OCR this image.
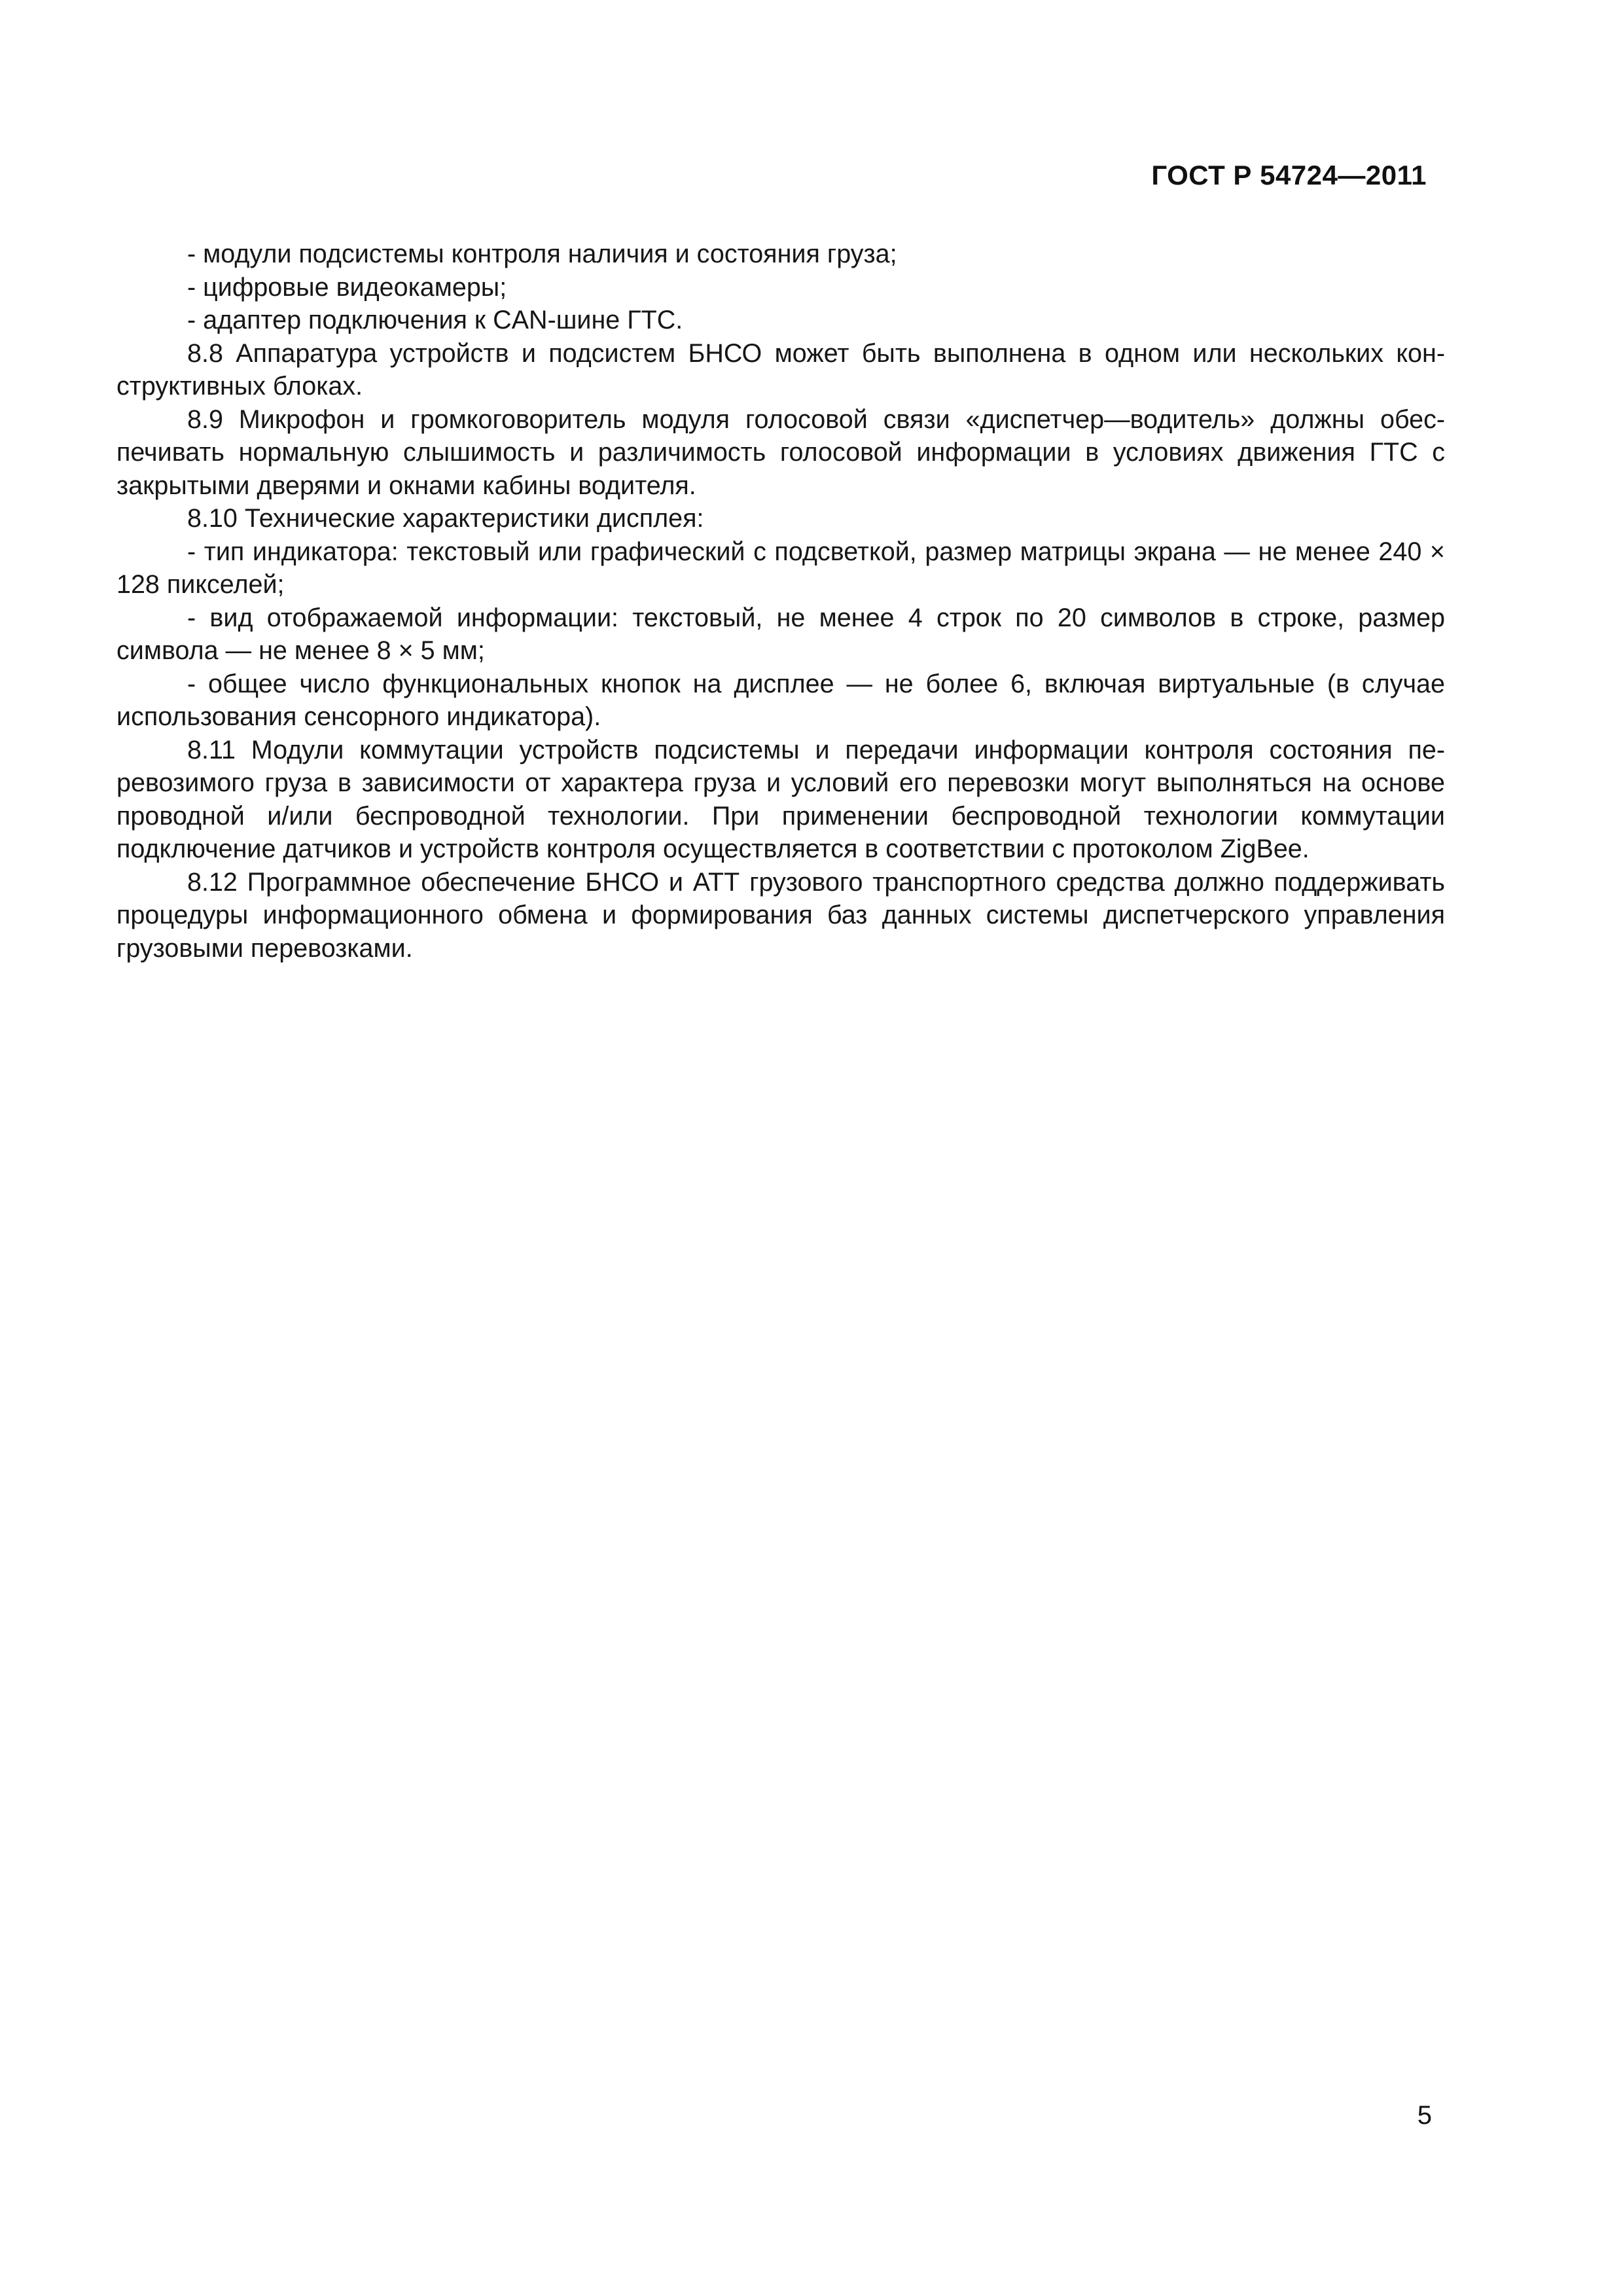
ГОСТ Р 54724—2011

- модули подсистемы контроля наличия и состояния груза;

- цифровые видеокамеры;

- адаптер подключения к CAN-шине ГТС.

8.8 Аппаратура устройств и подсистем БНСО может быть выполнена в одном или нескольких конструктивных блоках.

8.9 Микрофон и громкоговоритель модуля голосовой связи «диспетчер—водитель» должны обеспечивать нормальную слышимость и различимость голосовой информации в условиях движения ГТС с закрытыми дверями и окнами кабины водителя.

8.10 Технические характеристики дисплея:

- тип индикатора: текстовый или графический с подсветкой, размер матрицы экрана — не менее 240 × 128 пикселей;

- вид отображаемой информации: текстовый, не менее 4 строк по 20 символов в строке, размер символа — не менее 8 × 5 мм;

- общее число функциональных кнопок на дисплее — не более 6, включая виртуальные (в случае использования сенсорного индикатора).

8.11 Модули коммутации устройств подсистемы и передачи информации контроля состояния перевозимого груза в зависимости от характера груза и условий его перевозки могут выполняться на основе проводной и/или беспроводной технологии. При применении беспроводной технологии коммутации подключение датчиков и устройств контроля осуществляется в соответствии с протоколом ZigBee.

8.12 Программное обеспечение БНСО и АТТ грузового транспортного средства должно поддерживать процедуры информационного обмена и формирования баз данных системы диспетчерского управления грузовыми перевозками.

5
